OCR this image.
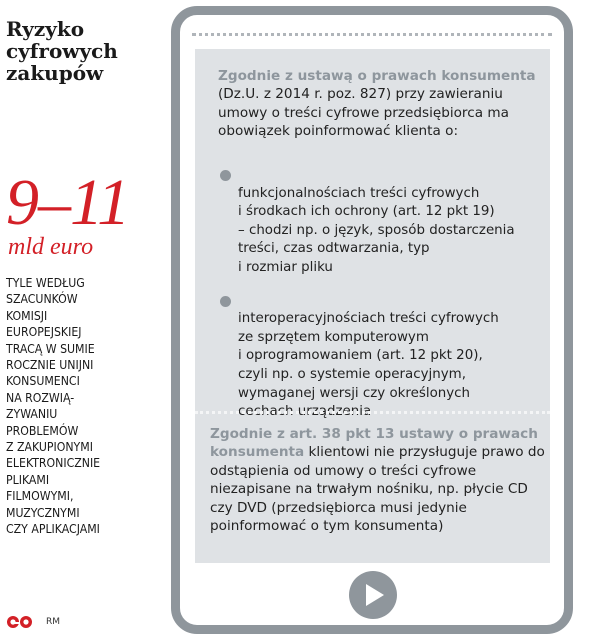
Ryzyko
cyfrowych
zakupów
9–11
mld euro
TYLE WEDŁUG
SZACUNKÓW
KOMISJI
EUROPEJSKIEJ
TRACĄ W SUMIE
ROCZNIE UNIJNI
KONSUMENCI
NA ROZWIĄ-
ZYWANIU
PROBLEMÓW
Z ZAKUPIONYMI
ELEKTRONICZNIE
PLIKAMI
FILMOWYMI,
MUZYCZNYMI
CZY APLIKACJAMI
RM
Zgodnie z ustawą o prawach konsumenta (Dz.U. z 2014 r. poz. 827) przy zawieraniu umowy o treści cyfrowe przedsiębiorca ma obowiązek poinformować klienta o:

funkcjonalnościach treści cyfrowych
i środkach ich ochrony (art. 12 pkt 19)
– chodzi np. o język, sposób dostarczenia
treści, czas odtwarzania, typ
i rozmiar pliku

interoperacyjnościach treści cyfrowych
ze sprzętem komputerowym
i oprogramowaniem (art. 12 pkt 20),
czyli np. o systemie operacyjnym,
wymaganej wersji czy określonych
cechach urządzenia

Zgodnie z art. 38 pkt 13 ustawy o prawach konsumenta klientowi nie przysługuje prawo do odstąpienia od umowy o treści cyfrowe niezapisane na trwałym nośniku, np. płycie CD czy DVD (przedsiębiorca musi jedynie poinformować o tym konsumenta)
